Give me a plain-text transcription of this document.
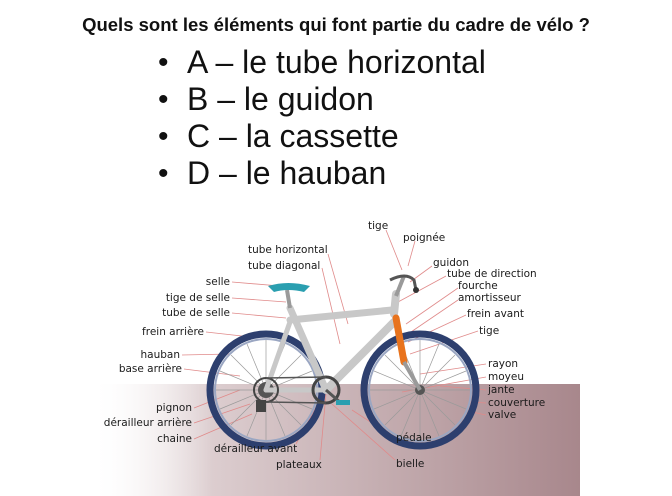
Quels sont les éléments qui font partie du cadre de vélo ?
• A – le tube horizontal
• B – le guidon
• C – la cassette
• D – le hauban
tige
poignée
tube horizontal
tube diagonal	guidon
tube de direction
selle	fourche
tige de selle	amortisseur
tube de selle	frein avant
frein arrière	tige
hauban
base arrière	rayon
moyeu
jante
couverture
valve
pignon
dérailleur arrière
chaine
dérailleur avant
pédale
plateaux	bielle
